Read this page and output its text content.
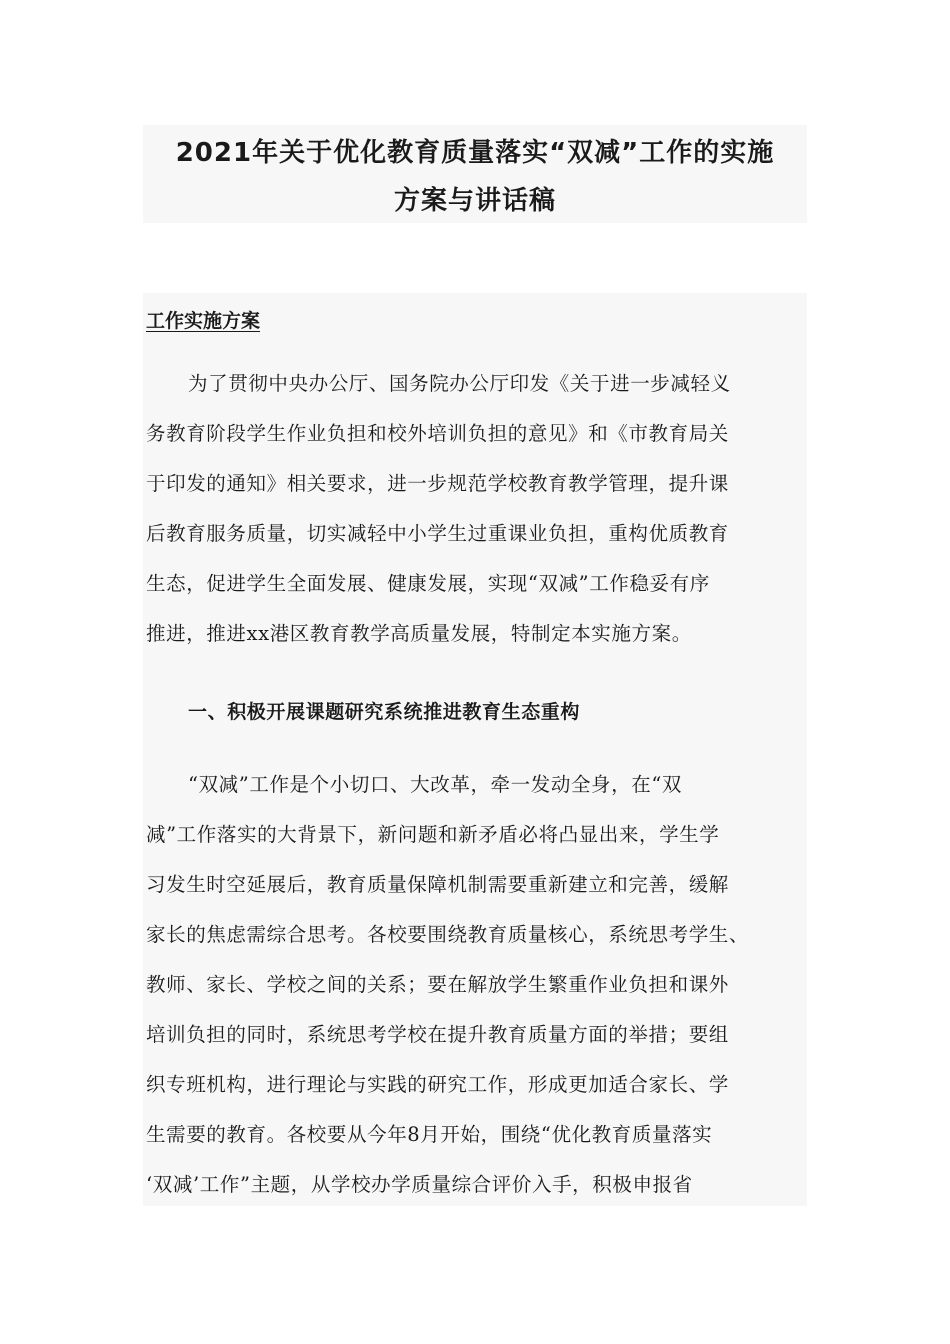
2021年关于优化教育质量落实“双减”工作的实施
方案与讲话稿
工作实施方案
为了贯彻中央办公厅、国务院办公厅印发《关于进一步减轻义
务教育阶段学生作业负担和校外培训负担的意见》和《市教育局关
于印发的通知》相关要求，进一步规范学校教育教学管理，提升课
后教育服务质量，切实减轻中小学生过重课业负担，重构优质教育
生态，促进学生全面发展、健康发展，实现“双减”工作稳妥有序
推进，推进xx港区教育教学高质量发展，特制定本实施方案。
一、积极开展课题研究系统推进教育生态重构
“双减”工作是个小切口、大改革，牵一发动全身，在“双
减”工作落实的大背景下，新问题和新矛盾必将凸显出来，学生学
习发生时空延展后，教育质量保障机制需要重新建立和完善，缓解
家长的焦虑需综合思考。各校要围绕教育质量核心，系统思考学生、
教师、家长、学校之间的关系；要在解放学生繁重作业负担和课外
培训负担的同时，系统思考学校在提升教育质量方面的举措；要组
织专班机构，进行理论与实践的研究工作，形成更加适合家长、学
生需要的教育。各校要从今年8月开始，围绕“优化教育质量落实
‘双减’工作”主题，从学校办学质量综合评价入手，积极申报省
